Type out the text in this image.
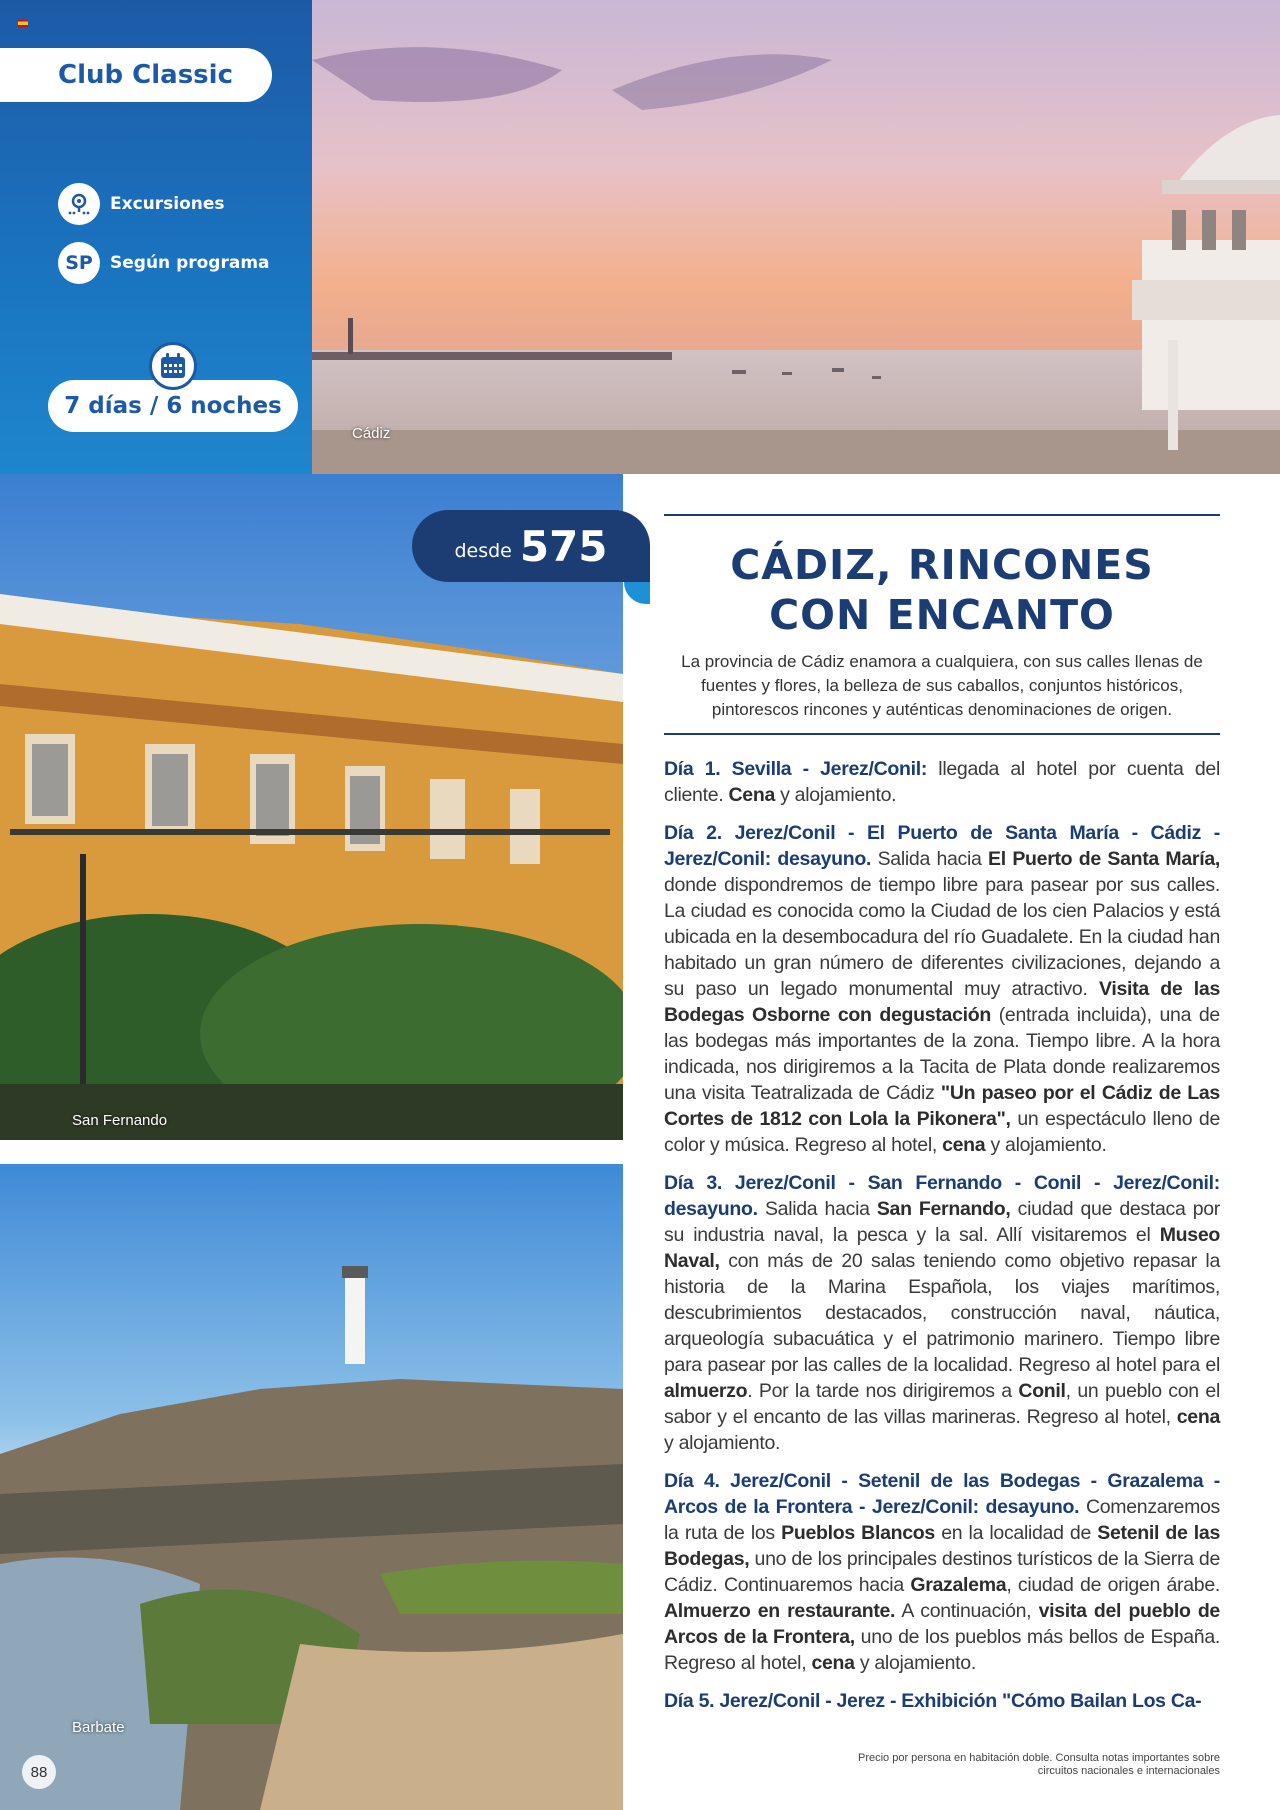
Club Classic
Excursiones
SP	Según programa
7 días / 6 noches
Cádiz
San Fernando
Barbate
desde 575	CÁDIZ, RINCONES
CON ENCANTO

La provincia de Cádiz enamora a cualquiera, con sus calles llenas de fuentes y flores, la belleza de sus caballos, conjuntos históricos, pintorescos rincones y auténticas denominaciones de origen.

Día 1. Sevilla - Jerez/Conil: llegada al hotel por cuenta del cliente. Cena y alojamiento.

Día 2. Jerez/Conil - El Puerto de Santa María - Cádiz - Jerez/Conil: desayuno. Salida hacia El Puerto de Santa María, donde dispondremos de tiempo libre para pasear por sus calles. La ciudad es conocida como la Ciudad de los cien Palacios y está ubicada en la desembocadura del río Guadalete. En la ciudad han habitado un gran número de diferentes civilizaciones, dejando a su paso un legado monumental muy atractivo. Visita de las Bodegas Osborne con degustación (entrada incluida), una de las bodegas más importantes de la zona. Tiempo libre. A la hora indicada, nos dirigiremos a la Tacita de Plata donde realizaremos una visita Teatralizada de Cádiz "Un paseo por el Cádiz de Las Cortes de 1812 con Lola la Pikonera", un espectáculo lleno de color y música. Regreso al hotel, cena y alojamiento.

Día 3. Jerez/Conil - San Fernando - Conil - Jerez/Conil: desayuno. Salida hacia San Fernando, ciudad que destaca por su industria naval, la pesca y la sal. Allí visitaremos el Museo Naval, con más de 20 salas teniendo como objetivo repasar la historia de la Marina Española, los viajes marítimos, descubrimientos destacados, construcción naval, náutica, arqueología subacuática y el patrimonio marinero. Tiempo libre para pasear por las calles de la localidad. Regreso al hotel para el almuerzo. Por la tarde nos dirigiremos a Conil, un pueblo con el sabor y el encanto de las villas marineras. Regreso al hotel, cena y alojamiento.

Día 4. Jerez/Conil - Setenil de las Bodegas - Grazalema - Arcos de la Frontera - Jerez/Conil: desayuno. Comenzaremos la ruta de los Pueblos Blancos en la localidad de Setenil de las Bodegas, uno de los principales destinos turísticos de la Sierra de Cádiz. Continuaremos hacia Grazalema, ciudad de origen árabe. Almuerzo en restaurante. A continuación, visita del pueblo de Arcos de la Frontera, uno de los pueblos más bellos de España. Regreso al hotel, cena y alojamiento.

Día 5. Jerez/Conil - Jerez - Exhibición "Cómo Bailan Los Ca-

Precio por persona en habitación doble. Consulta notas importantes sobre
circuitos nacionales e internacionales
88
